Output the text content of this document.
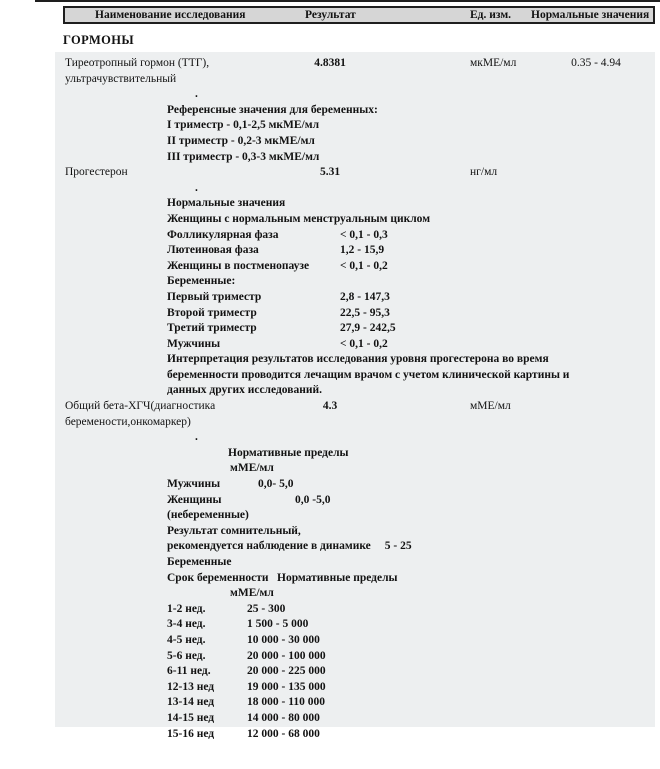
Наименование исследования	Результат	Ед. изм. Нормальные значения
ГОРМОНЫ
Тиреотропный гормон (ТТГ),
ультрачувствительный
4.8381	мкМЕ/мл	0.35 - 4.94
.
Референсные значения для беременных:
I триместр - 0,1-2,5 мкМЕ/мл
II триместр - 0,2-3 мкМЕ/мл
III триместр - 0,3-3 мкМЕ/мл
Прогестерон	5.31	нг/мл
.
Нормальные значения
Женщины с нормальным менструальным циклом
Фолликулярная фаза	< 0,1 - 0,3
Лютеиновая фаза	1,2 - 15,9
Женщины в постменопаузе	< 0,1 - 0,2
Беременные:
Первый триместр	2,8 - 147,3
Второй триместр	22,5 - 95,3
Третий триместр	27,9 - 242,5
Мужчины	< 0,1 - 0,2
Интерпретация результатов исследования уровня прогестерона во время беременности проводится лечащим врачом с учетом клинической картины и данных других исследований.
Общий бета-ХГЧ(диагностика
беремености,онкомаркер)
4.3	мМЕ/мл
.
Нормативные пределы
мМЕ/мл
Мужчины	0,0- 5,0
Женщины (небеременные)
0,0 -5,0
Результат сомнительный,
рекомендуется наблюдение в динамике 5 - 25
Беременные
Срок беременности Нормативные пределы
мМЕ/мл
1-2 нед.	25 - 300
3-4 нед.	1 500 - 5 000
4-5 нед.	10 000 - 30 000
5-6 нед.	20 000 - 100 000
6-11 нед.	20 000 - 225 000
12-13 нед	19 000 - 135 000
13-14 нед	18 000 - 110 000
14-15 нед	14 000 - 80 000
15-16 нед	12 000 - 68 000
